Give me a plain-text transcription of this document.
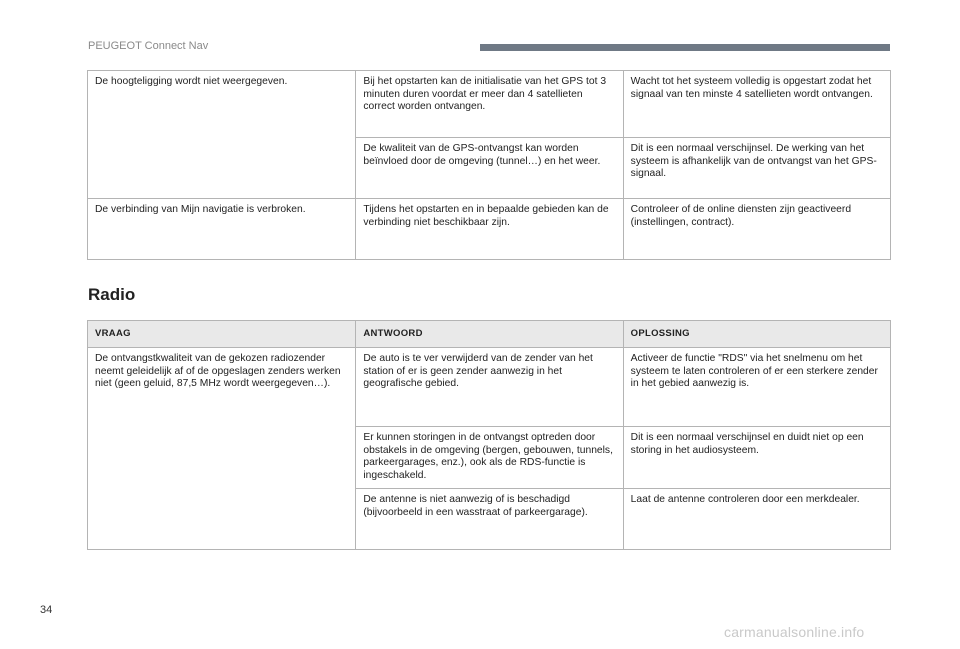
PEUGEOT Connect Nav
De hoogteligging wordt niet weergegeven.	Bij het opstarten kan de initialisatie van het GPS tot 3 minuten duren voordat er meer dan 4 satellieten correct worden ontvangen.	Wacht tot het systeem volledig is opgestart zodat het signaal van ten minste 4 satellieten wordt ontvangen.
	De kwaliteit van de GPS-ontvangst kan worden beïnvloed door de omgeving (tunnel…) en het weer.	Dit is een normaal verschijnsel. De werking van het systeem is afhankelijk van de ontvangst van het GPS-signaal.
De verbinding van Mijn navigatie is verbroken.	Tijdens het opstarten en in bepaalde gebieden kan de verbinding niet beschikbaar zijn.	Controleer of de online diensten zijn geactiveerd (instellingen, contract).
Radio
VRAAG	ANTWOORD	OPLOSSING
De ontvangstkwaliteit van de gekozen radiozender neemt geleidelijk af of de opgeslagen zenders werken niet (geen geluid, 87,5 MHz wordt weergegeven…).	De auto is te ver verwijderd van de zender van het station of er is geen zender aanwezig in het geografische gebied.	Activeer de functie "RDS" via het snelmenu om het systeem te laten controleren of er een sterkere zender in het gebied aanwezig is.
	Er kunnen storingen in de ontvangst optreden door obstakels in de omgeving (bergen, gebouwen, tunnels, parkeergarages, enz.), ook als de RDS-functie is ingeschakeld.	Dit is een normaal verschijnsel en duidt niet op een storing in het audiosysteem.
	De antenne is niet aanwezig of is beschadigd (bijvoorbeeld in een wasstraat of parkeergarage).	Laat de antenne controleren door een merkdealer.
34
carmanualsonline.info
